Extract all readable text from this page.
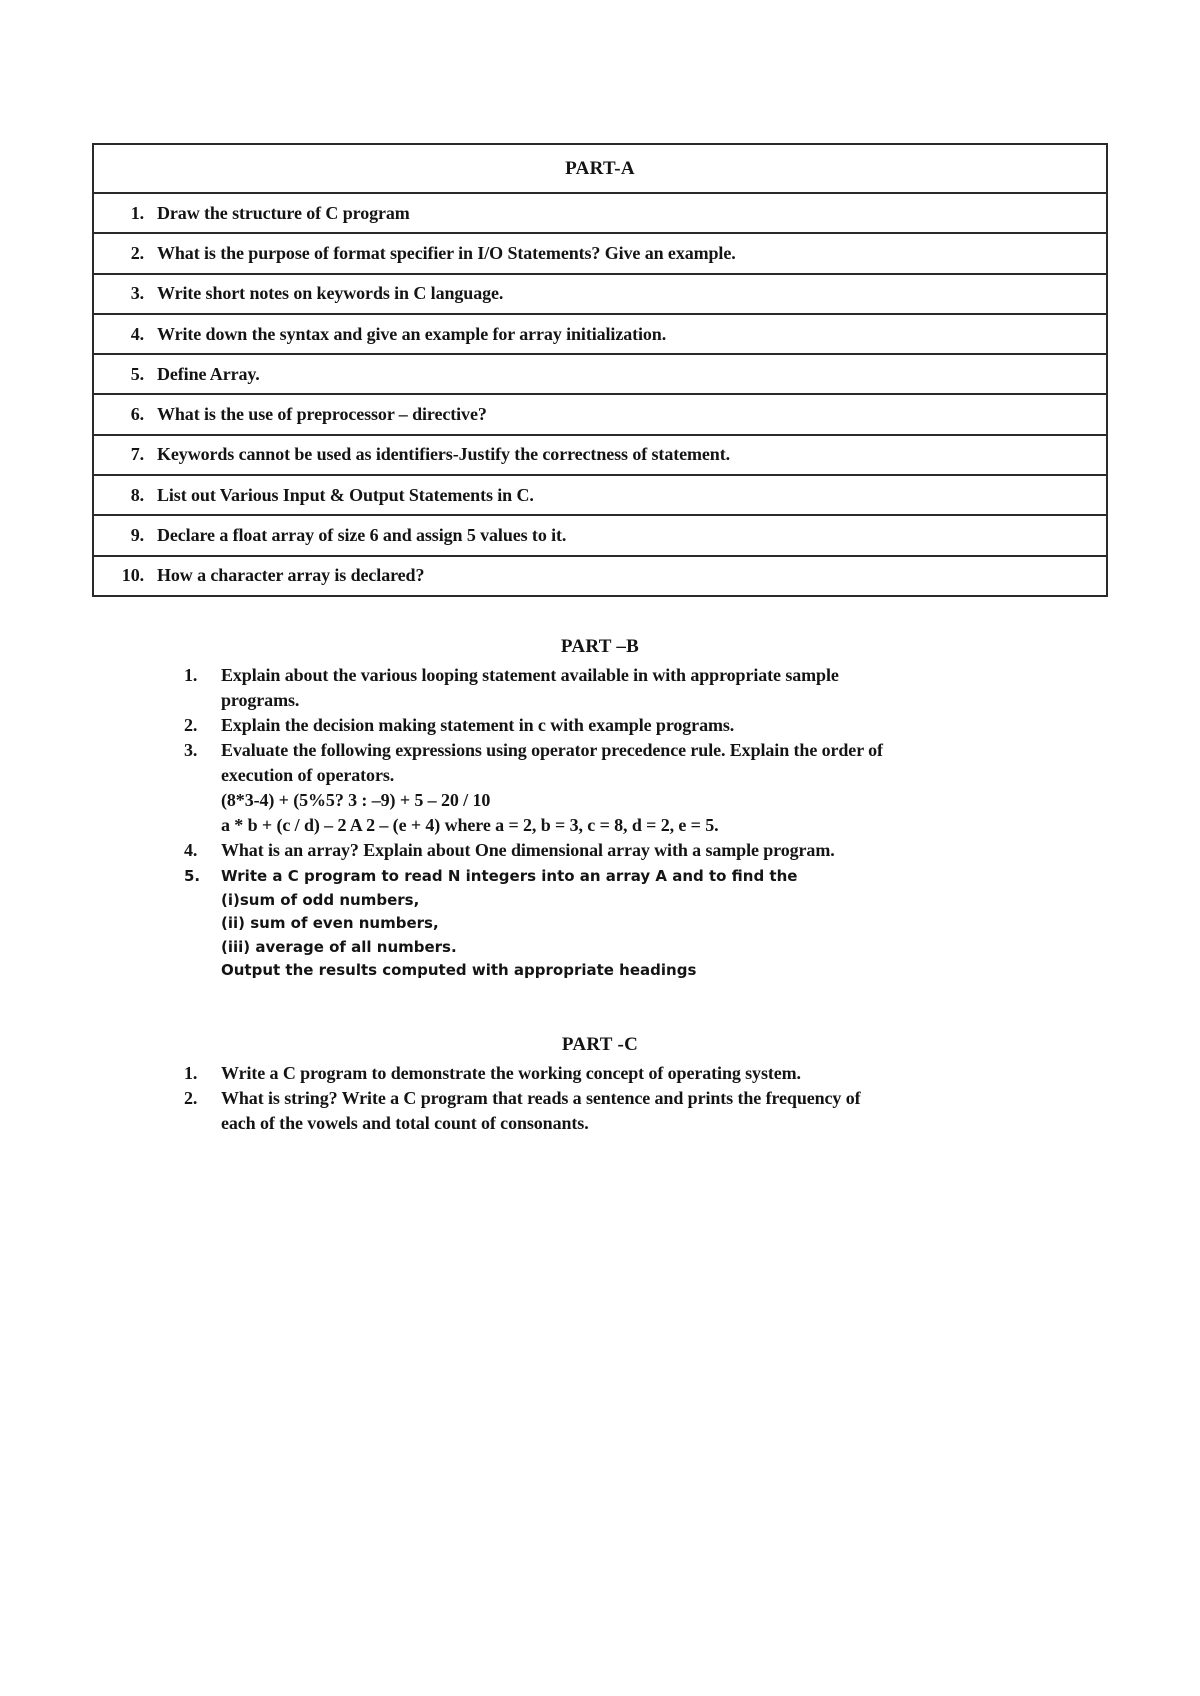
PART-A
1. Draw the structure of C program
2. What is the purpose of format specifier in I/O Statements? Give an example.
3. Write short notes on keywords in C language.
4. Write down the syntax and give an example for array initialization.
5. Define Array.
6. What is the use of preprocessor – directive?
7. Keywords cannot be used as identifiers-Justify the correctness of statement.
8. List out Various Input & Output Statements in C.
9. Declare a float array of size 6 and assign 5 values to it.
10. How a character array is declared?
PART –B
1.	Explain about the various looping statement available in with appropriate sample
programs.
2.	Explain the decision making statement in c with example programs.
3.	Evaluate the following expressions using operator precedence rule. Explain the order of
execution of operators.
(8*3-4) + (5%5? 3 : –9) + 5 – 20 / 10
a * b + (c / d) – 2 A 2 – (e + 4) where a = 2, b = 3, c = 8, d = 2, e = 5.
4.	What is an array? Explain about One dimensional array with a sample program.
5.	Write a C program to read N integers into an array A and to find the
(i)sum of odd numbers,
(ii) sum of even numbers,
(iii) average of all numbers.
Output the results computed with appropriate headings
PART -C
1.	Write a C program to demonstrate the working concept of operating system.
2.	What is string? Write a C program that reads a sentence and prints the frequency of
each of the vowels and total count of consonants.
